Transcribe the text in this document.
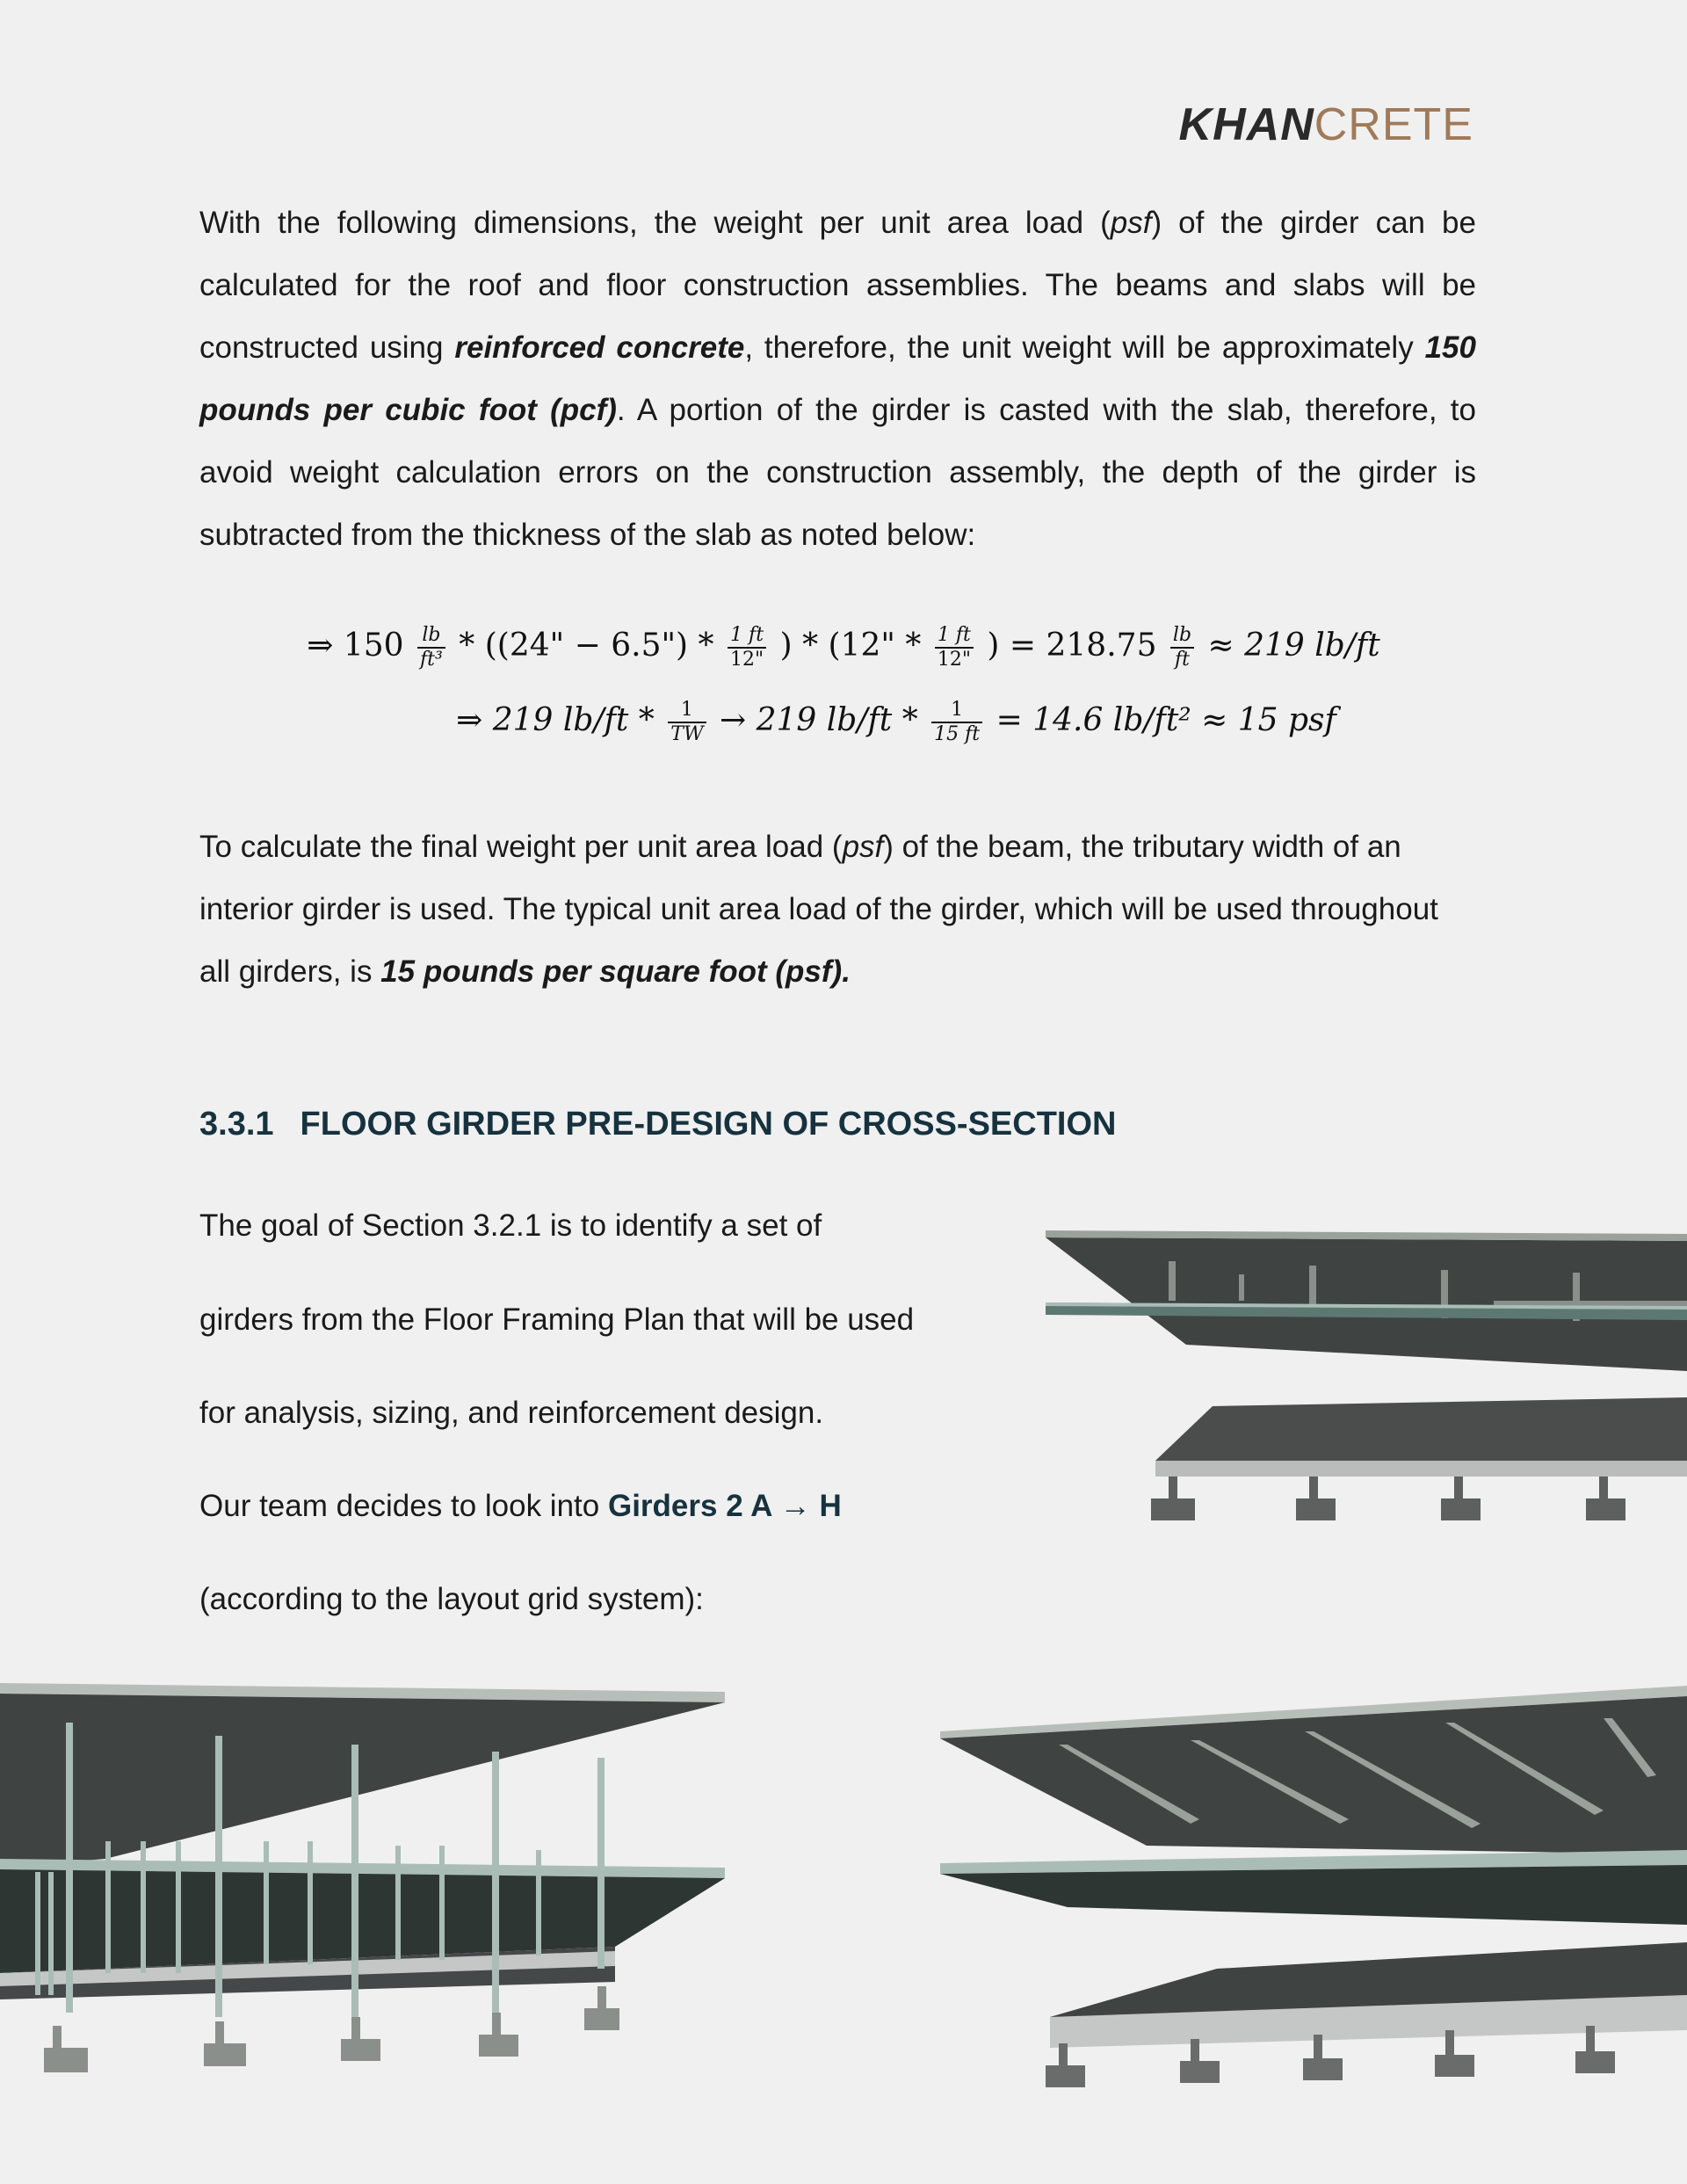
KHANCRETE
With the following dimensions, the weight per unit area load (psf) of the girder can be calculated for the roof and floor construction assemblies. The beams and slabs will be constructed using reinforced concrete, therefore, the unit weight will be approximately 150 pounds per cubic foot (pcf). A portion of the girder is casted with the slab, therefore, to avoid weight calculation errors on the construction assembly, the depth of the girder is subtracted from the thickness of the slab as noted below:
⇒ $150 \frac{lb}{\text{ft³}} * ((24$" − 6.5") * $\frac{1 ft}{12"}$ ) * (12" * $\frac{1 ft}{12"}$ ) = $218.75 \frac{lb}{ft} \approx 219$ lb/ft
⇒ 219 $lb/ft * \frac{1}{TW} \to 219$ $lb/ft * \frac{1}{15 ft} = 14.6$ lb/ft² ≈ 15 psf
To calculate the final weight per unit area load (psf) of the beam, the tributary width of an interior girder is used. The typical unit area load of the girder, which will be used throughout all girders, is 15 pounds per square foot (psf).
3.3.1 FLOOR GIRDER PRE-DESIGN OF CROSS-SECTION
The goal of Section 3.2.1 is to identify a set of
girders from the Floor Framing Plan that will be used
for analysis, sizing, and reinforcement design.
Our team decides to look into Girders 2 A → H
(according to the layout grid system):
